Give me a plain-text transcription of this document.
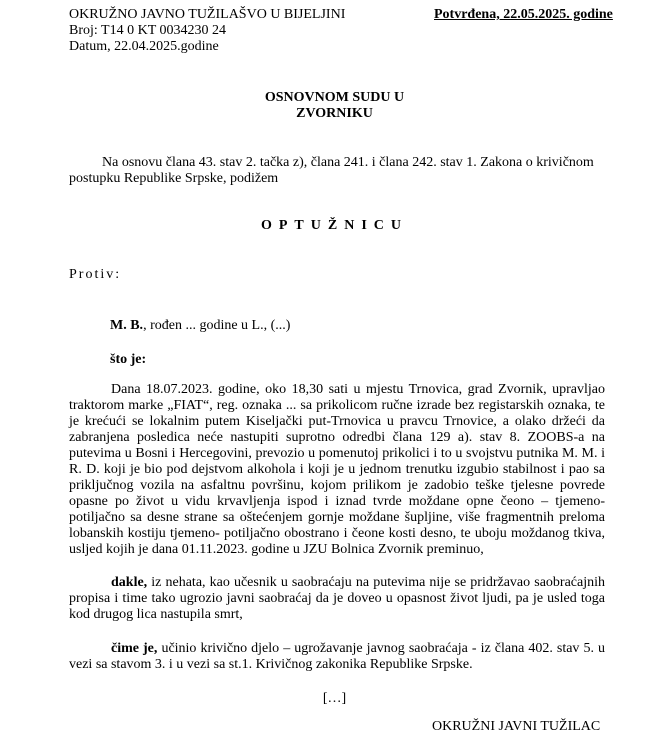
OKRUŽNO JAVNO TUŽILAŠVO U BIJELJINI
Broj: T14 0 KT 0034230 24
Datum, 22.04.2025.godine
Potvrđena, 22.05.2025. godine
OSNOVNOM SUDU U
ZVORNIKU
Na osnovu člana 43. stav 2. tačka z), člana 241. i člana 242. stav 1. Zakona o krivičnom postupku Republike Srpske, podižem
OPTUŽNICU
Protiv:
M. B., rođen ... godine u L., (...)
što je:
Dana 18.07.2023. godine, oko 18,30 sati u mjestu Trnovica, grad Zvornik, upravljao traktorom marke „FIAT“, reg. oznaka ... sa prikolicom ručne izrade bez registarskih oznaka, te je krećući se lokalnim putem Kiseljački put-Trnovica u pravcu Trnovice, a olako držeći da zabranjena posledica neće nastupiti suprotno odredbi člana 129 a). stav 8. ZOOBS-a na putevima u Bosni i Hercegovini, prevozio u pomenutoj prikolici i to u svojstvu putnika M. M. i R. D. koji je bio pod dejstvom alkohola i koji je u jednom trenutku izgubio stabilnost i pao sa priključnog vozila na asfaltnu površinu, kojom prilikom je zadobio teške tjelesne povrede opasne po život u vidu krvavljenja ispod i iznad tvrde moždane opne čeono – tjemeno-potiljačno sa desne strane sa oštećenjem gornje moždane šupljine, više fragmentnih preloma lobanskih kostiju tjemeno- potiljačno obostrano i čeone kosti desno, te uboju moždanog tkiva, usljed kojih je dana 01.11.2023. godine u JZU Bolnica Zvornik preminuo,
dakle, iz nehata, kao učesnik u saobraćaju na putevima nije se pridržavao saobraćajnih propisa i time tako ugrozio javni saobraćaj da je doveo u opasnost život ljudi, pa je usled toga kod drugog lica nastupila smrt,
čime je, učinio krivično djelo – ugrožavanje javnog saobraćaja - iz člana 402. stav 5. u vezi sa stavom 3. i u vezi sa st.1. Krivičnog zakonika Republike Srpske.
[…]
OKRUŽNI JAVNI TUŽILAC
